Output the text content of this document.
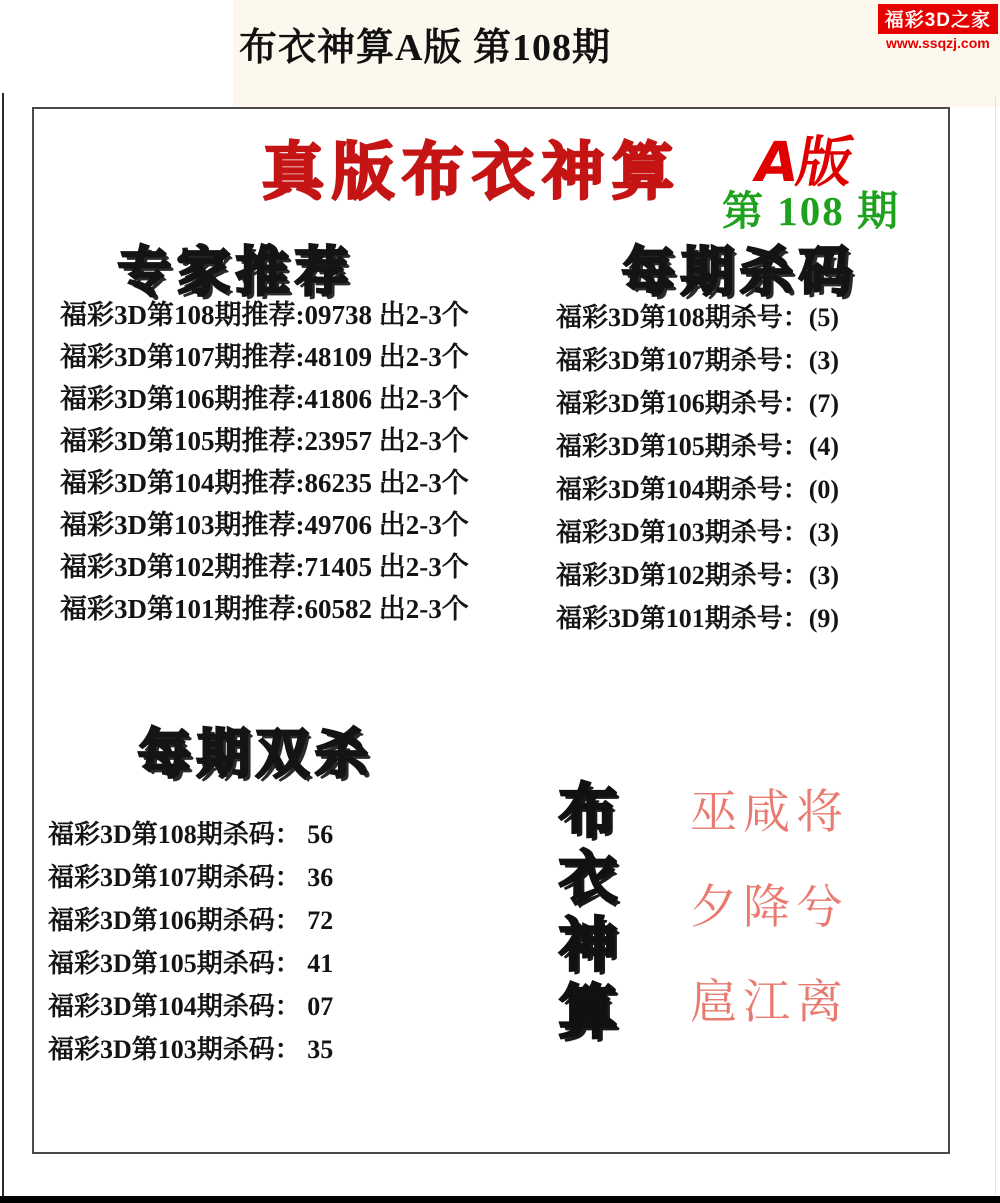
布衣神算A版 第108期
福彩3D之家
www.ssqzj.com
真版布衣神算 A版
第 108 期
专家推荐
福彩3D第108期推荐:09738 出2-3个
福彩3D第107期推荐:48109 出2-3个
福彩3D第106期推荐:41806 出2-3个
福彩3D第105期推荐:23957 出2-3个
福彩3D第104期推荐:86235 出2-3个
福彩3D第103期推荐:49706 出2-3个
福彩3D第102期推荐:71405 出2-3个
福彩3D第101期推荐:60582 出2-3个
每期杀码
福彩3D第108期杀号：(5)
福彩3D第107期杀号：(3)
福彩3D第106期杀号：(7)
福彩3D第105期杀号：(4)
福彩3D第104期杀号：(0)
福彩3D第103期杀号：(3)
福彩3D第102期杀号：(3)
福彩3D第101期杀号：(9)
每期双杀
福彩3D第108期杀码： 56
福彩3D第107期杀码： 36
福彩3D第106期杀码： 72
福彩3D第105期杀码： 41
福彩3D第104期杀码： 07
福彩3D第103期杀码： 35
布
衣
神
算
巫咸将
夕降兮
扈江离
